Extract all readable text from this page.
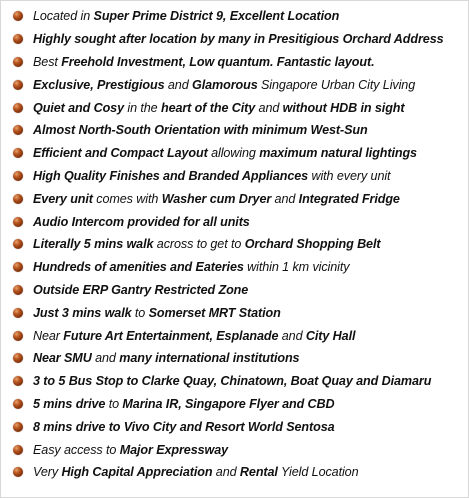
Located in Super Prime District 9, Excellent Location
Highly sought after location by many in Presitigious Orchard Address
Best Freehold Investment, Low quantum. Fantastic layout.
Exclusive, Prestigious and Glamorous Singapore Urban City Living
Quiet and Cosy in the heart of the City and without HDB in sight
Almost North-South Orientation with minimum West-Sun
Efficient and Compact Layout allowing maximum natural lightings
High Quality Finishes and Branded Appliances with every unit
Every unit comes with Washer cum Dryer and Integrated Fridge
Audio Intercom provided for all units
Literally 5 mins walk across to get to Orchard Shopping Belt
Hundreds of amenities and Eateries within 1 km vicinity
Outside ERP Gantry Restricted Zone
Just 3 mins walk to Somerset MRT Station
Near Future Art Entertainment, Esplanade and City Hall
Near SMU and many international institutions
3 to 5 Bus Stop to Clarke Quay, Chinatown, Boat Quay and Diamaru
5 mins drive to Marina IR, Singapore Flyer and CBD
8 mins drive to Vivo City and Resort World Sentosa
Easy access to Major Expressway
Very High Capital Appreciation and Rental Yield Location
